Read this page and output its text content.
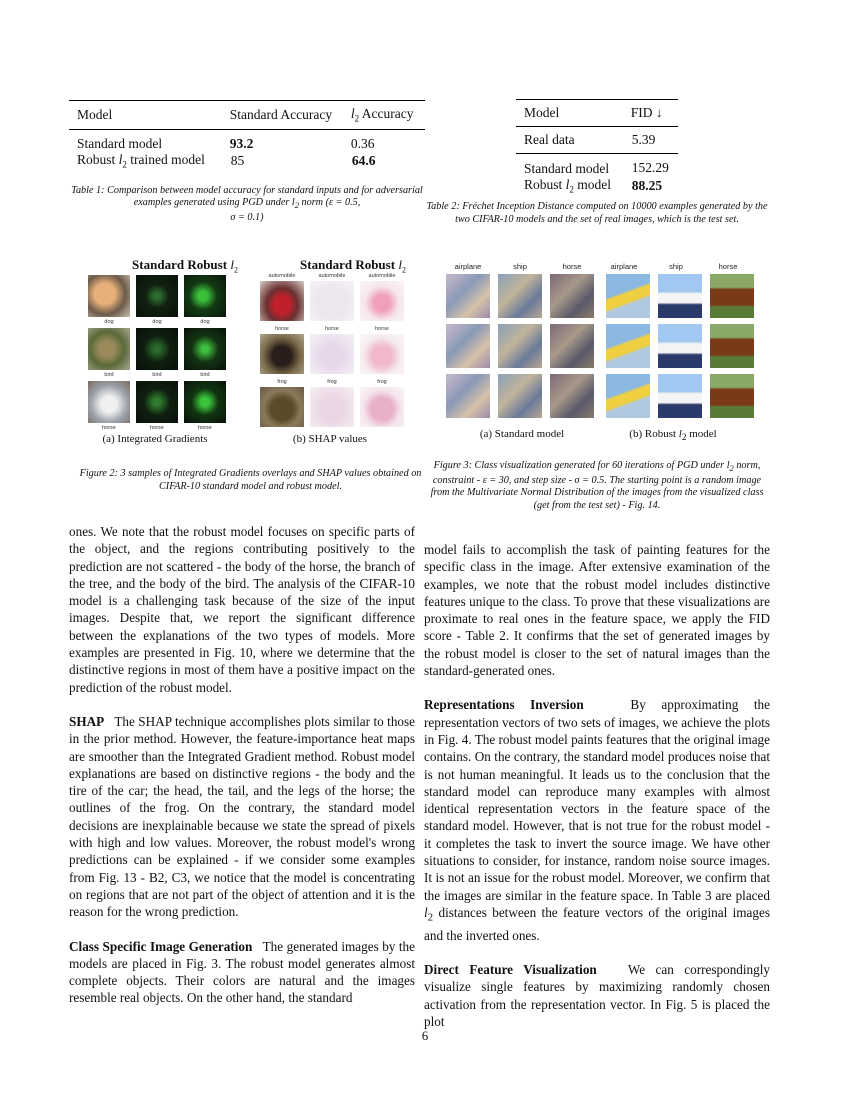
Model	Standard Accuracy	$l_2$ Accuracy
Standard model	93.2	0.36
Robust $l_2$ trained model	85	64.6
Table 1: Comparison between model accuracy for standard inputs and for adversarial examples generated using PGD under $l_2$ norm (ε = 0.5,
σ = 0.1)
Model	FID ↓
Real data	5.39
Standard model	152.29
Robust $l_2$ model	88.25
Table 2: Fréchet Inception Distance computed on 10000 examples generated by the two CIFAR-10 models and the set of real images, which is the test set.
Standard Robust $l_2$
dog	dog	dog
bird	bird	bird
horse	horse	horse
(a) Integrated Gradients
Standard Robust $l_2$
automobile	automobile	automobile
horse	horse	horse
frog	frog	frog
(b) SHAP values
Figure 2: 3 samples of Integrated Gradients overlays and SHAP values obtained on CIFAR-10 standard model and robust model.
airplane	ship	horse	airplane	ship	horse
(a) Standard model	(b) Robust $l_2$ model
Figure 3: Class visualization generated for 60 iterations of PGD under $l_2$ norm, constraint - ε = 30, and step size - σ = 0.5. The starting point is a random image from the Multivariate Normal Distribution of the images from the visualized class (get from the test set) - Fig. 14.

ones. We note that the robust model focuses on specific parts of the object, and the regions contributing positively to the prediction are not scattered - the body of the horse, the branch of the tree, and the body of the bird. The analysis of the CIFAR-10 model is a challenging task because of the size of the input images. Despite that, we report the significant difference between the explanations of the two types of models. More examples are presented in Fig. 10, where we determine that the distinctive regions in most of them have a positive impact on the prediction of the robust model.

SHAP The SHAP technique accomplishes plots similar to those in the prior method. However, the feature-importance heat maps are smoother than the Integrated Gradient method. Robust model explanations are based on distinctive regions - the body and the tire of the car; the head, the tail, and the legs of the horse; the outlines of the frog. On the contrary, the standard model decisions are inexplainable because we state the spread of pixels with high and low values. Moreover, the robust model's wrong predictions can be explained - if we consider some examples from Fig. 13 - B2, C3, we notice that the model is concentrating on regions that are not part of the object of attention and it is the reason for the wrong prediction.

Class Specific Image Generation The generated images by the models are placed in Fig. 3. The robust model generates almost complete objects. Their colors are natural and the images resemble real objects. On the other hand, the standard

model fails to accomplish the task of painting features for the specific class in the image. After extensive examination of the examples, we note that the robust model includes distinctive features unique to the class. To prove that these visualizations are proximate to real ones in the feature space, we apply the FID score - Table 2. It confirms that the set of generated images by the robust model is closer to the set of natural images than the standard-generated ones.

Representations Inversion	By approximating the representation vectors of two sets of images, we achieve the plots in Fig. 4. The robust model paints features that the original image contains. On the contrary, the standard model produces noise that is not human meaningful. It leads us to the conclusion that the standard model can reproduce many examples with almost identical representation vectors in the feature space of the standard model. However, that is not true for the robust model - it completes the task to invert the source image. We have other situations to consider, for instance, random noise source images. It is not an issue for the robust model. Moreover, we confirm that the images are similar in the feature space. In Table 3 are placed $l_2$ distances between the feature vectors of the original images and the inverted ones.

Direct Feature Visualization We can correspondingly visualize single features by maximizing randomly chosen activation from the representation vector. In Fig. 5 is placed the plot

6
